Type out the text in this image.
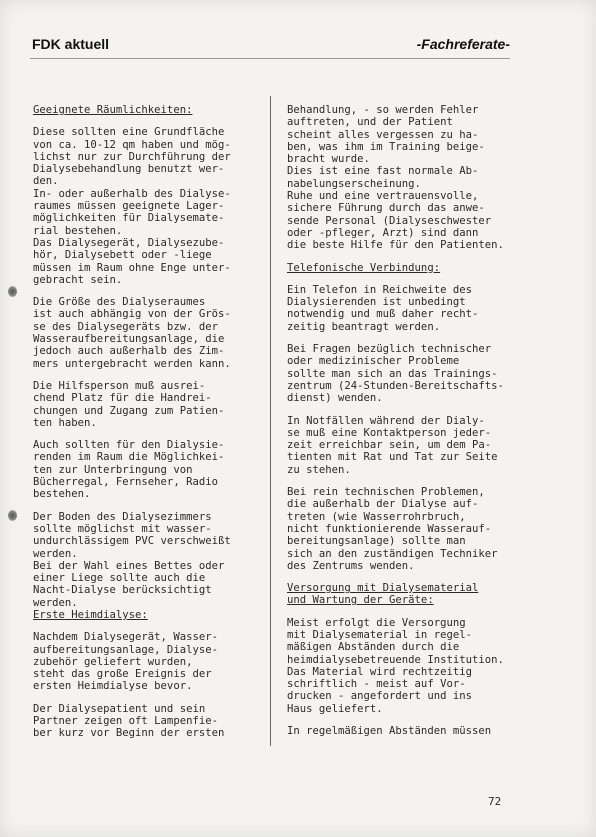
FDK aktuell	-Fachreferate-
Geeignete Räumlichkeiten:
Diese sollten eine Grundfläche
von ca. 10-12 qm haben und mög-
lichst nur zur Durchführung der
Dialysebehandlung benutzt wer-
den.
In- oder außerhalb des Dialyse-
raumes müssen geeignete Lager-
möglichkeiten für Dialysemate-
rial bestehen.
Das Dialysegerät, Dialysezube-
hör, Dialysebett oder -liege
müssen im Raum ohne Enge unter-
gebracht sein.
Die Größe des Dialyseraumes
ist auch abhängig von der Grös-
se des Dialysegeräts bzw. der
Wasseraufbereitungsanlage, die
jedoch auch außerhalb des Zim-
mers untergebracht werden kann.
Die Hilfsperson muß ausrei-
chend Platz für die Handrei-
chungen und Zugang zum Patien-
ten haben.
Auch sollten für den Dialysie-
renden im Raum die Möglichkei-
ten zur Unterbringung von
Bücherregal, Fernseher, Radio
bestehen.
Der Boden des Dialysezimmers
sollte möglichst mit wasser-
undurchlässigem PVC verschweißt
werden.
Bei der Wahl eines Bettes oder
einer Liege sollte auch die
Nacht-Dialyse berücksichtigt
werden.
Erste Heimdialyse:
Nachdem Dialysegerät, Wasser-
aufbereitungsanlage, Dialyse-
zubehör geliefert wurden,
steht das große Ereignis der
ersten Heimdialyse bevor.
Der Dialysepatient und sein
Partner zeigen oft Lampenfie-
ber kurz vor Beginn der ersten
Behandlung, - so werden Fehler
auftreten, und der Patient
scheint alles vergessen zu ha-
ben, was ihm im Training beige-
bracht wurde.
Dies ist eine fast normale Ab-
nabelungserscheinung.
Ruhe und eine vertrauensvolle,
sichere Führung durch das anwe-
sende Personal (Dialyseschwester
oder -pfleger, Arzt) sind dann
die beste Hilfe für den Patienten.
Telefonische Verbindung:
Ein Telefon in Reichweite des
Dialysierenden ist unbedingt
notwendig und muß daher recht-
zeitig beantragt werden.
Bei Fragen bezüglich technischer
oder medizinischer Probleme
sollte man sich an das Trainings-
zentrum (24-Stunden-Bereitschafts-
dienst) wenden.
In Notfällen während der Dialy-
se muß eine Kontaktperson jeder-
zeit erreichbar sein, um dem Pa-
tienten mit Rat und Tat zur Seite
zu stehen.
Bei rein technischen Problemen,
die außerhalb der Dialyse auf-
treten (wie Wasserrohrbruch,
nicht funktionierende Wasserauf-
bereitungsanlage) sollte man
sich an den zuständigen Techniker
des Zentrums wenden.
Versorgung mit Dialysematerial
und Wartung der Geräte:
Meist erfolgt die Versorgung
mit Dialysematerial in regel-
mäßigen Abständen durch die
heimdialysebetreuende Institution.
Das Material wird rechtzeitig
schriftlich - meist auf Vor-
drucken - angefordert und ins
Haus geliefert.
In regelmäßigen Abständen müssen
72
